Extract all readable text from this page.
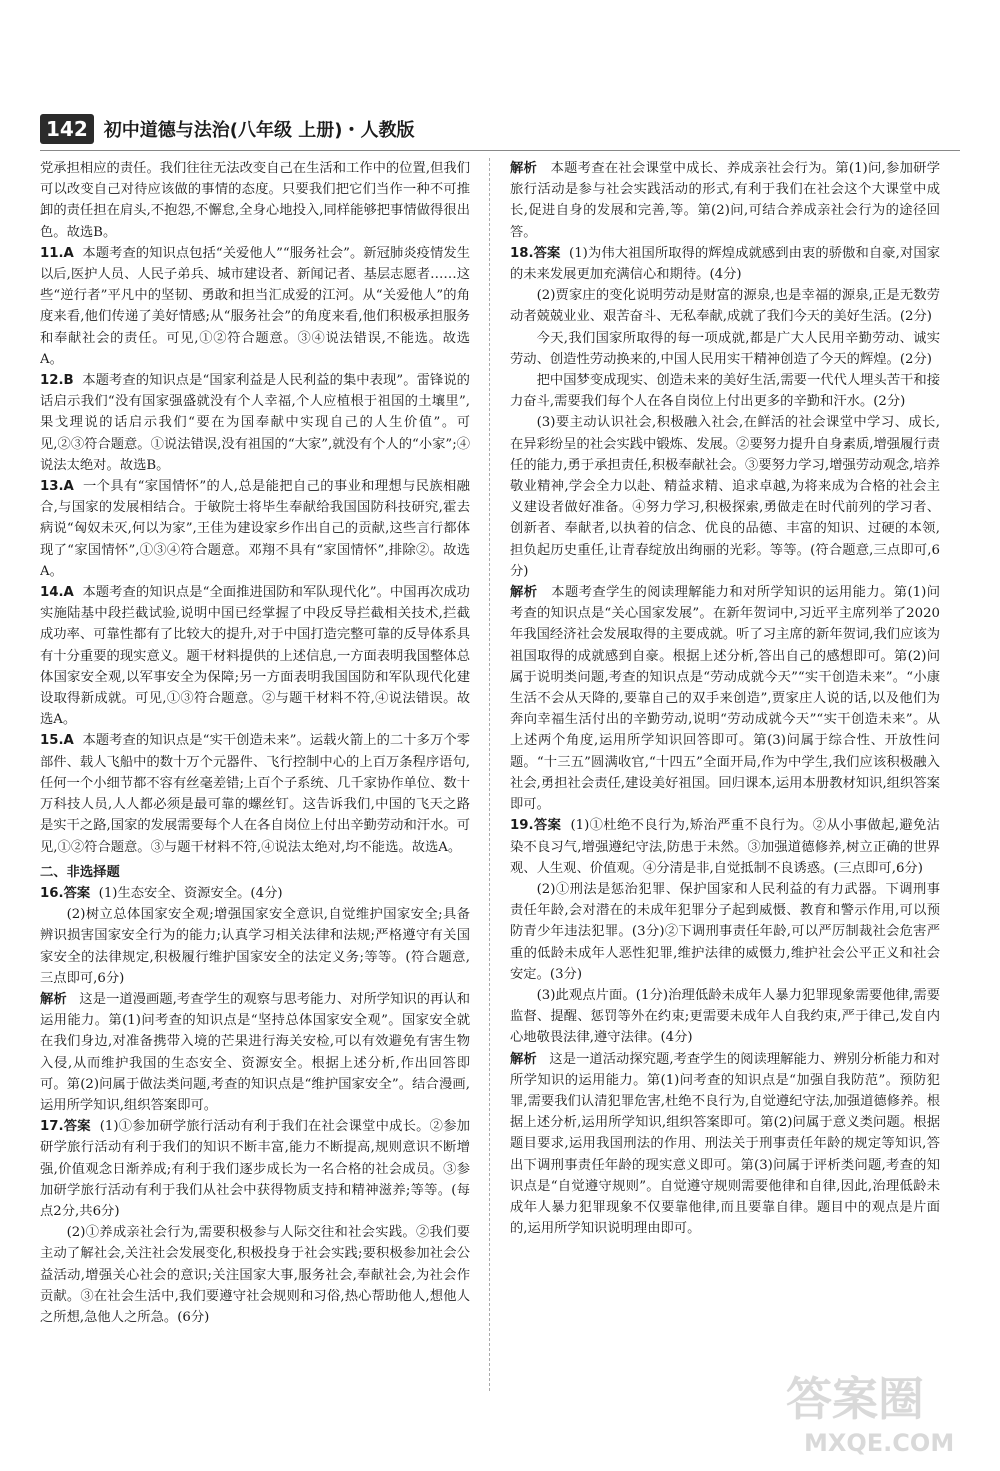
142 初中道德与法治(八年级 上册)・人教版

党承担相应的责任。我们往往无法改变自己在生活和工作中的位置,但我们可以改变自己对待应该做的事情的态度。只要我们把它们当作一种不可推卸的责任担在肩头,不抱怨,不懈怠,全身心地投入,同样能够把事情做得很出色。故选B。

11.A 本题考查的知识点包括“关爱他人”“服务社会”。新冠肺炎疫情发生以后,医护人员、人民子弟兵、城市建设者、新闻记者、基层志愿者……这些“逆行者”平凡中的坚韧、勇敢和担当汇成爱的江河。从“关爱他人”的角度来看,他们传递了美好情感;从“服务社会”的角度来看,他们积极承担服务和奉献社会的责任。可见,①②符合题意。③④说法错误,不能选。故选A。

12.B 本题考查的知识点是“国家利益是人民利益的集中表现”。雷锋说的话启示我们“没有国家强盛就没有个人幸福,个人应植根于祖国的土壤里”,果戈理说的话启示我们“要在为国奉献中实现自己的人生价值”。可见,②③符合题意。①说法错误,没有祖国的“大家”,就没有个人的“小家”;④说法太绝对。故选B。

13.A 一个具有“家国情怀”的人,总是能把自己的事业和理想与民族相融合,与国家的发展相结合。于敏院士将毕生奉献给我国国防科技研究,霍去病说“匈奴未灭,何以为家”,王佳为建设家乡作出自己的贡献,这些言行都体现了“家国情怀”,①③④符合题意。邓翔不具有“家国情怀”,排除②。故选A。

14.A 本题考查的知识点是“全面推进国防和军队现代化”。中国再次成功实施陆基中段拦截试验,说明中国已经掌握了中段反导拦截相关技术,拦截成功率、可靠性都有了比较大的提升,对于中国打造完整可靠的反导体系具有十分重要的现实意义。题干材料提供的上述信息,一方面表明我国整体总体国家安全观,以军事安全为保障;另一方面表明我国国防和军队现代化建设取得新成就。可见,①③符合题意。②与题干材料不符,④说法错误。故选A。

15.A 本题考查的知识点是“实干创造未来”。运载火箭上的二十多万个零部件、载人飞船中的数十万个元器件、飞行控制中心的上百万条程序语句,任何一个小细节都不容有丝毫差错;上百个子系统、几千家协作单位、数十万科技人员,人人都必须是最可靠的螺丝钉。这告诉我们,中国的飞天之路是实干之路,国家的发展需要每个人在各自岗位上付出辛勤劳动和汗水。可见,①②符合题意。③与题干材料不符,④说法太绝对,均不能选。故选A。

二、非选择题

16.答案 (1)生态安全、资源安全。(4分)

(2)树立总体国家安全观;增强国家安全意识,自觉维护国家安全;具备辨识损害国家安全行为的能力;认真学习相关法律和法规;严格遵守有关国家安全的法律规定,积极履行维护国家安全的法定义务;等等。(符合题意,三点即可,6分)

解析 这是一道漫画题,考查学生的观察与思考能力、对所学知识的再认和运用能力。第(1)问考查的知识点是“坚持总体国家安全观”。国家安全就在我们身边,对准备携带入境的芒果进行海关安检,可以有效避免有害生物入侵,从而维护我国的生态安全、资源安全。根据上述分析,作出回答即可。第(2)问属于做法类问题,考查的知识点是“维护国家安全”。结合漫画,运用所学知识,组织答案即可。

17.答案 (1)①参加研学旅行活动有利于我们在社会课堂中成长。②参加研学旅行活动有利于我们的知识不断丰富,能力不断提高,规则意识不断增强,价值观念日渐养成;有利于我们逐步成长为一名合格的社会成员。③参加研学旅行活动有利于我们从社会中获得物质支持和精神滋养;等等。(每点2分,共6分)

(2)①养成亲社会行为,需要积极参与人际交往和社会实践。②我们要主动了解社会,关注社会发展变化,积极投身于社会实践;要积极参加社会公益活动,增强关心社会的意识;关注国家大事,服务社会,奉献社会,为社会作贡献。③在社会生活中,我们要遵守社会规则和习俗,热心帮助他人,想他人之所想,急他人之所急。(6分)

解析 本题考查在社会课堂中成长、养成亲社会行为。第(1)问,参加研学旅行活动是参与社会实践活动的形式,有利于我们在社会这个大课堂中成长,促进自身的发展和完善,等。第(2)问,可结合养成亲社会行为的途径回答。

18.答案 (1)为伟大祖国所取得的辉煌成就感到由衷的骄傲和自豪,对国家的未来发展更加充满信心和期待。(4分)

(2)贾家庄的变化说明劳动是财富的源泉,也是幸福的源泉,正是无数劳动者兢兢业业、艰苦奋斗、无私奉献,成就了我们今天的美好生活。(2分)

今天,我们国家所取得的每一项成就,都是广大人民用辛勤劳动、诚实劳动、创造性劳动换来的,中国人民用实干精神创造了今天的辉煌。(2分)

把中国梦变成现实、创造未来的美好生活,需要一代代人埋头苦干和接力奋斗,需要我们每个人在各自岗位上付出更多的辛勤和汗水。(2分)

(3)要主动认识社会,积极融入社会,在鲜活的社会课堂中学习、成长,在异彩纷呈的社会实践中锻炼、发展。②要努力提升自身素质,增强履行责任的能力,勇于承担责任,积极奉献社会。③要努力学习,增强劳动观念,培养敬业精神,学会全力以赴、精益求精、追求卓越,为将来成为合格的社会主义建设者做好准备。④努力学习,积极探索,勇做走在时代前列的学习者、创新者、奉献者,以执着的信念、优良的品德、丰富的知识、过硬的本领,担负起历史重任,让青春绽放出绚丽的光彩。等等。(符合题意,三点即可,6分)

解析 本题考查学生的阅读理解能力和对所学知识的运用能力。第(1)问考查的知识点是“关心国家发展”。在新年贺词中,习近平主席列举了2020年我国经济社会发展取得的主要成就。听了习主席的新年贺词,我们应该为祖国取得的成就感到自豪。根据上述分析,答出自己的感想即可。第(2)问属于说明类问题,考查的知识点是“劳动成就今天”“实干创造未来”。“小康生活不会从天降的,要靠自己的双手来创造”,贾家庄人说的话,以及他们为奔向幸福生活付出的辛勤劳动,说明“劳动成就今天”“实干创造未来”。从上述两个角度,运用所学知识回答即可。第(3)问属于综合性、开放性问题。“十三五”圆满收官,“十四五”全面开局,作为中学生,我们应该积极融入社会,勇担社会责任,建设美好祖国。回归课本,运用本册教材知识,组织答案即可。

19.答案 (1)①杜绝不良行为,矫治严重不良行为。②从小事做起,避免沾染不良习气,增强遵纪守法,防患于未然。③加强道德修养,树立正确的世界观、人生观、价值观。④分清是非,自觉抵制不良诱惑。(三点即可,6分)

(2)①刑法是惩治犯罪、保护国家和人民利益的有力武器。下调刑事责任年龄,会对潜在的未成年犯罪分子起到威慑、教育和警示作用,可以预防青少年违法犯罪。(3分)②下调刑事责任年龄,可以严厉制裁社会危害严重的低龄未成年人恶性犯罪,维护法律的威慑力,维护社会公平正义和社会安定。(3分)

(3)此观点片面。(1分)治理低龄未成年人暴力犯罪现象需要他律,需要监督、提醒、惩罚等外在约束;更需要未成年人自我约束,严于律己,发自内心地敬畏法律,遵守法律。(4分)

解析 这是一道活动探究题,考查学生的阅读理解能力、辨别分析能力和对所学知识的运用能力。第(1)问考查的知识点是“加强自我防范”。预防犯罪,需要我们认清犯罪危害,杜绝不良行为,自觉遵纪守法,加强道德修养。根据上述分析,运用所学知识,组织答案即可。第(2)问属于意义类问题。根据题目要求,运用我国刑法的作用、刑法关于刑事责任年龄的规定等知识,答出下调刑事责任年龄的现实意义即可。第(3)问属于评析类问题,考查的知识点是“自觉遵守规则”。自觉遵守规则需要他律和自律,因此,治理低龄未成年人暴力犯罪现象不仅要靠他律,而且要靠自律。题目中的观点是片面的,运用所学知识说明理由即可。

答案圈
MXQE.COM
